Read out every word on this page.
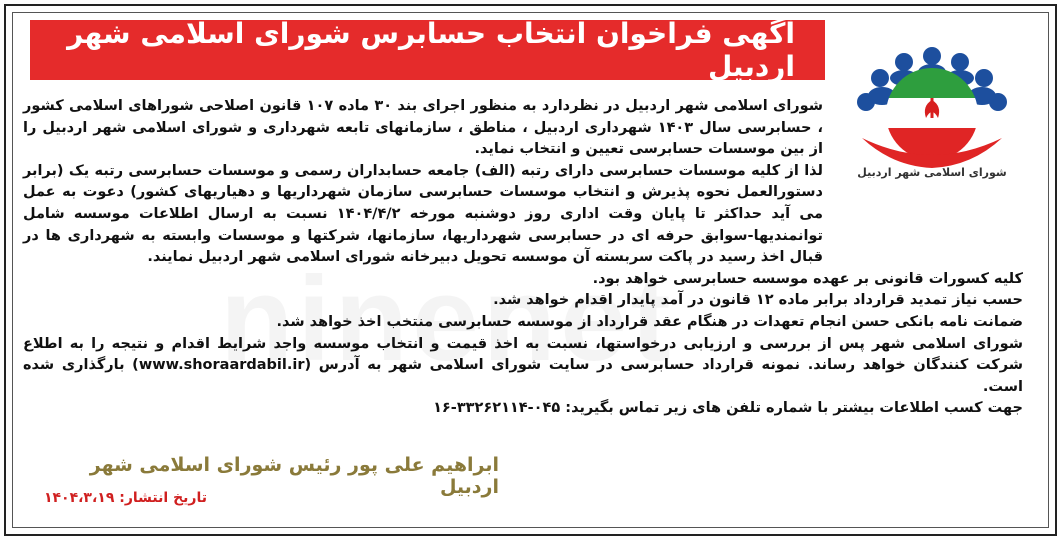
آگهی فراخوان انتخاب حسابرس شورای اسلامی شهر اردبیل
شورای اسلامی شهر اردبیل

شورای اسلامی شهر اردبیل در نظردارد به منظور اجرای بند ۳۰ ماده ۱۰۷ قانون اصلاحی شوراهای اسلامی کشور ، حسابرسی سال ۱۴۰۳ شهرداری اردبیل ، مناطق ، سازمانهای تابعه شهرداری و شورای اسلامی شهر اردبیل را از بین موسسات حسابرسی تعیین و انتخاب نماید.

لذا از کلیه موسسات حسابرسی دارای رتبه (الف) جامعه حسابداران رسمی و موسسات حسابرسی رتبه یک (برابر دستورالعمل نحوه پذیرش و انتخاب موسسات حسابرسی سازمان شهرداریها و دهیاریهای کشور) دعوت به عمل می آید حداکثر تا پایان وقت اداری روز دوشنبه مورخه ۱۴۰۴/۴/۲ نسبت به ارسال اطلاعات موسسه شامل توانمندیها-سوابق حرفه ای در حسابرسی شهرداریها، سازمانها، شرکتها و موسسات وابسته به شهرداری ها در قبال اخذ رسید در پاکت سربسته آن موسسه تحویل دبیرخانه شورای اسلامی شهر اردبیل نمایند.

کلیه کسورات قانونی بر عهده موسسه حسابرسی خواهد بود.

حسب نیاز تمدید قرارداد برابر ماده ۱۲ قانون در آمد پایدار اقدام خواهد شد.

ضمانت نامه بانکی حسن انجام تعهدات در هنگام عقد قرارداد از موسسه حسابرسی منتخب اخذ خواهد شد.

شورای اسلامی شهر پس از بررسی و ارزیابی درخواستها، نسبت به اخذ قیمت و انتخاب موسسه واجد شرایط اقدام و نتیجه را به اطلاع شرکت کنندگان خواهد رساند. نمونه قرارداد حسابرسی در سایت شورای اسلامی شهر به آدرس (www.shoraardabil.ir) بارگذاری شده است.

جهت کسب اطلاعات بیشتر با شماره تلفن های زیر تماس بگیرید: ۰۴۵-۳۳۲۶۲۱۱۴-۱۶

ابراهیم علی پور رئیس شورای اسلامی شهر اردبیل
تاریخ انتشار: ۱۴۰۴،۳،۱۹
